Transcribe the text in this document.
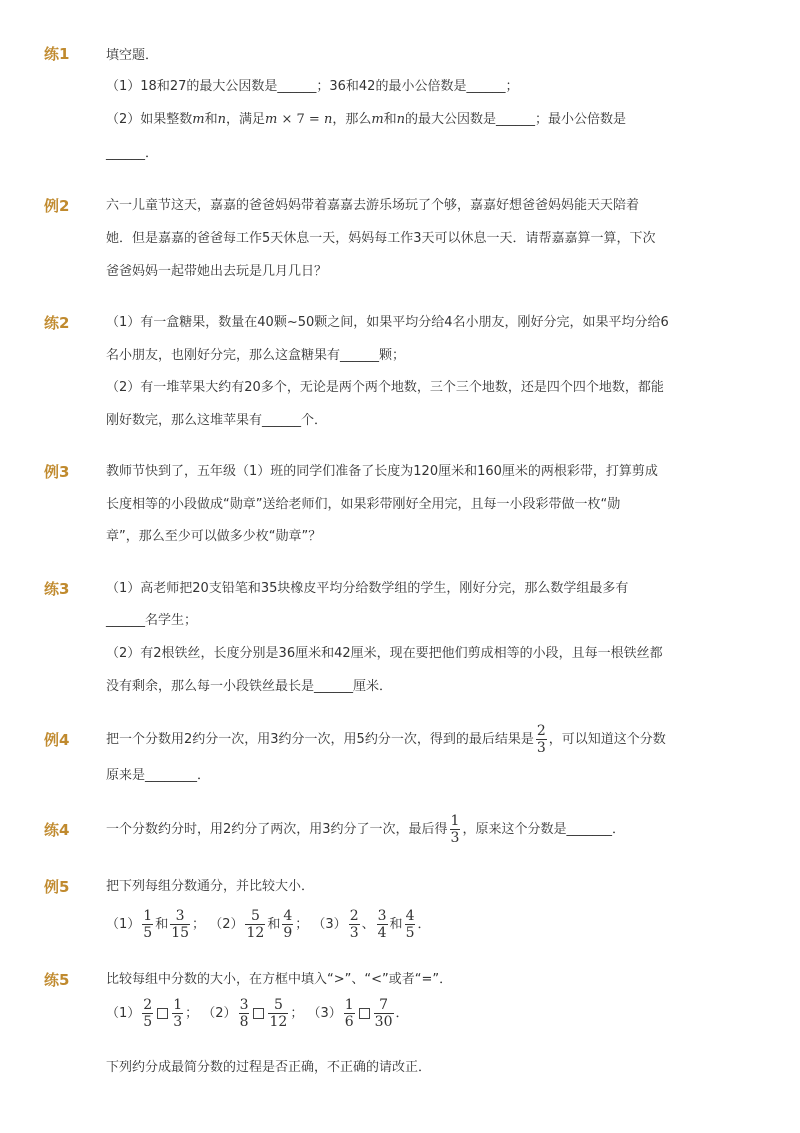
练1	填空题．
（1）18和27的最大公因数是______；36和42的最小公倍数是______；
（2）如果整数m和n，满足m × 7 = n，那么m和n的最大公因数是______；最小公倍数是
______．
例2	六一儿童节这天，嘉嘉的爸爸妈妈带着嘉嘉去游乐场玩了个够，嘉嘉好想爸爸妈妈能天天陪着
她．但是嘉嘉的爸爸每工作5天休息一天，妈妈每工作3天可以休息一天．请帮嘉嘉算一算，下次
爸爸妈妈一起带她出去玩是几月几日？
练2	（1）有一盒糖果，数量在40颗~50颗之间，如果平均分给4名小朋友，刚好分完，如果平均分给6
名小朋友，也刚好分完，那么这盒糖果有______颗；
（2）有一堆苹果大约有20多个，无论是两个两个地数，三个三个地数，还是四个四个地数，都能
刚好数完，那么这堆苹果有______个．
例3	教师节快到了，五年级（1）班的同学们准备了长度为120厘米和160厘米的两根彩带，打算剪成
长度相等的小段做成“勋章”送给老师们，如果彩带刚好全用完，且每一小段彩带做一枚“勋
章”，那么至少可以做多少枚“勋章”？
练3	（1）高老师把20支铅笔和35块橡皮平均分给数学组的学生，刚好分完，那么数学组最多有
______名学生；
（2）有2根铁丝，长度分别是36厘米和42厘米，现在要把他们剪成相等的小段，且每一根铁丝都
没有剩余，那么每一小段铁丝最长是______厘米．
例4	把一个分数用2约分一次，用3约分一次，用5约分一次，得到的最后结果是 $\frac{2}{3}$ ，可以知道这个分数
原来是________．
练4	一个分数约分时，用2约分了两次，用3约分了一次，最后得 $\frac{1}{3}$ ，原来这个分数是_______．
例5	把下列每组分数通分，并比较大小．
$(1) \frac{1}{5}$ 和 $\frac{3}{15}$ ； $(2) \frac{5}{12}$ 和 $\frac{4}{9}$ ； $(3) \frac{2}{3}$ 、 $\frac{3}{4}$ 和 $\frac{4}{5}$ ．
练5	比较每组中分数的大小，在方框中填入“>”、“<”或者“=”．
$(1) \frac{2}{5} \frac{1}{3}$ ； $(2) \frac{3}{8} \frac{5}{12}$ ； $(3) \frac{1}{6} \frac{7}{30}$ ．
下列约分成最简分数的过程是否正确，不正确的请改正．
